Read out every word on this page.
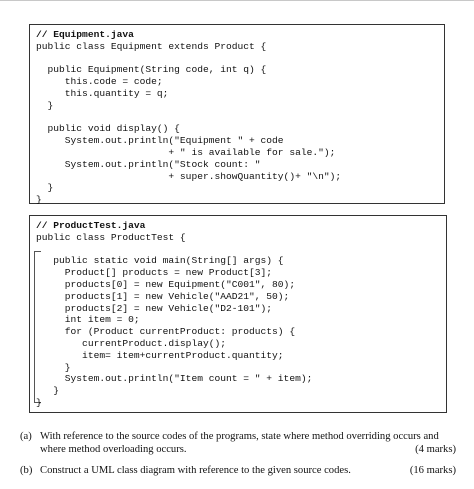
// Equipment.java
public class Equipment extends Product {

public Equipment(String code, int q) {
this.code = code;
this.quantity = q;
}

public void display() {
System.out.println("Equipment " + code
+ " is available for sale.");
System.out.println("Stock count: "
+ super.showQuantity()+ "\n");
}
}
// ProductTest.java
public class ProductTest {

public static void main(String[] args) {
Product[] products = new Product[3];
products[0] = new Equipment("C001", 80);
products[1] = new Vehicle("AAD21", 50);
products[2] = new Vehicle("D2-101");
int item = 0;
for (Product currentProduct: products) {
currentProduct.display();
item= item+currentProduct.quantity;
}
System.out.println("Item count = " + item);
}
}
(a) With reference to the source codes of the programs, state where method overriding occurs and where method overloading occurs.	(4 marks)
(b) Construct a UML class diagram with reference to the given source codes.	(16 marks)
